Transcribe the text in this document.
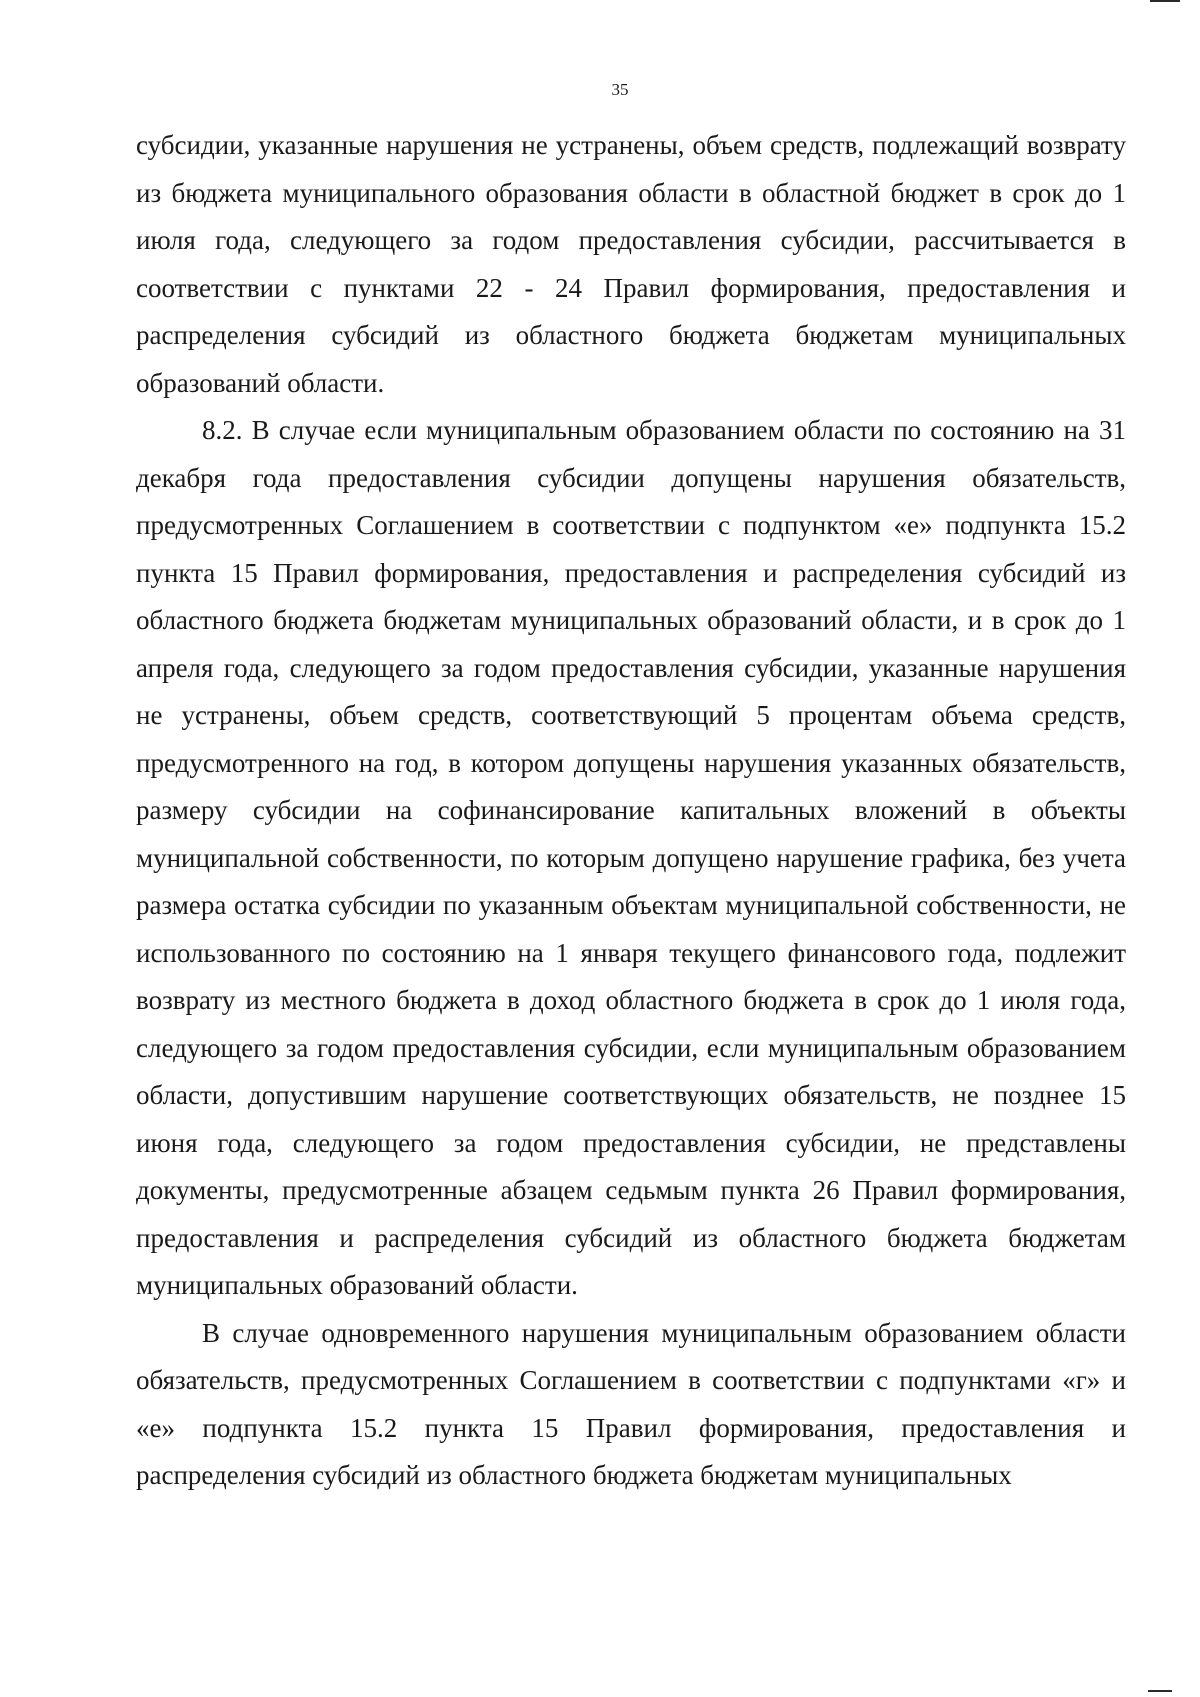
35

субсидии, указанные нарушения не устранены, объем средств, подлежащий возврату из бюджета муниципального образования области в областной бюджет в срок до 1 июля года, следующего за годом предоставления субсидии, рассчитывается в соответствии с пунктами 22 - 24 Правил формирования, предоставления и распределения субсидий из областного бюджета бюджетам муниципальных образований области.

8.2. В случае если муниципальным образованием области по состоянию на 31 декабря года предоставления субсидии допущены нарушения обязательств, предусмотренных Соглашением в соответствии с подпунктом «е» подпункта 15.2 пункта 15 Правил формирования, предоставления и распределения субсидий из областного бюджета бюджетам муниципальных образований области, и в срок до 1 апреля года, следующего за годом предоставления субсидии, указанные нарушения не устранены, объем средств, соответствующий 5 процентам объема средств, предусмотренного на год, в котором допущены нарушения указанных обязательств, размеру субсидии на софинансирование капитальных вложений в объекты муниципальной собственности, по которым допущено нарушение графика, без учета размера остатка субсидии по указанным объектам муниципальной собственности, не использованного по состоянию на 1 января текущего финансового года, подлежит возврату из местного бюджета в доход областного бюджета в срок до 1 июля года, следующего за годом предоставления субсидии, если муниципальным образованием области, допустившим нарушение соответствующих обязательств, не позднее 15 июня года, следующего за годом предоставления субсидии, не представлены документы, предусмотренные абзацем седьмым пункта 26 Правил формирования, предоставления и распределения субсидий из областного бюджета бюджетам муниципальных образований области.

В случае одновременного нарушения муниципальным образованием области обязательств, предусмотренных Соглашением в соответствии с подпунктами «г» и «е» подпункта 15.2 пункта 15 Правил формирования, предоставления и распределения субсидий из областного бюджета бюджетам муниципальных
